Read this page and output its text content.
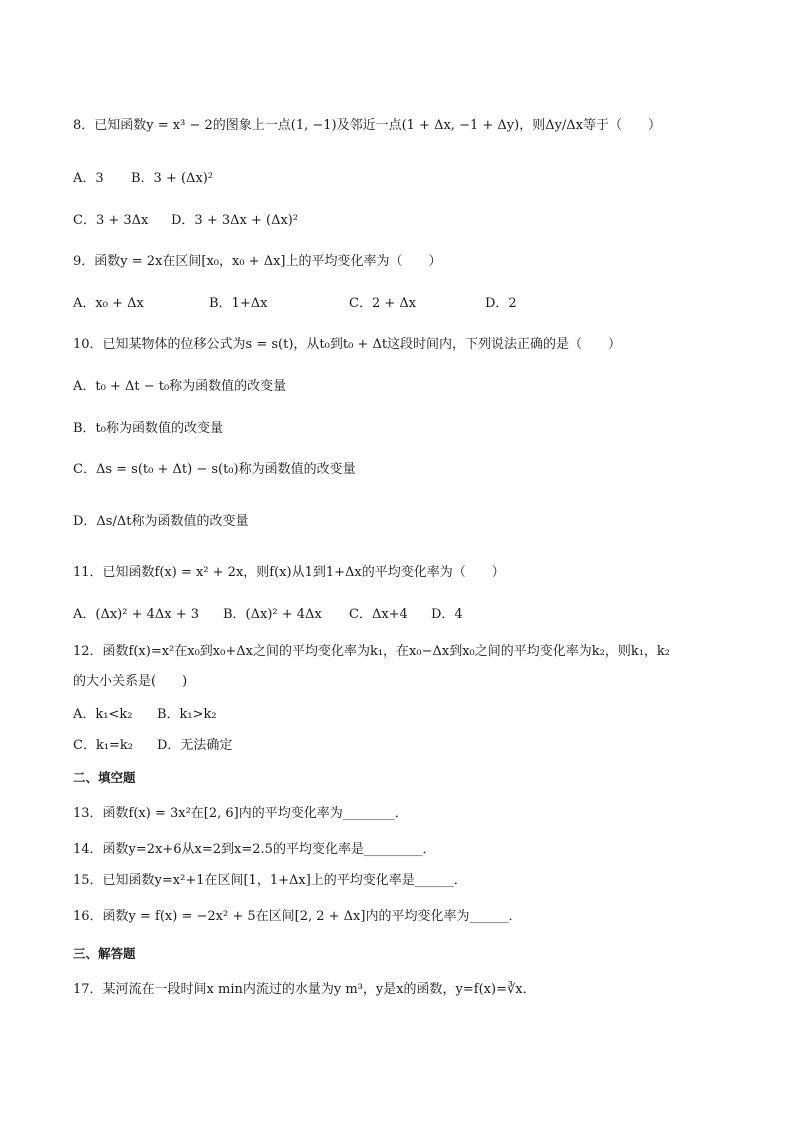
8．已知函数y = x³ − 2的图象上一点(1, −1)及邻近一点(1 + Δx, −1 + Δy)，则Δy/Δx等于（　　）
A．3 B．3 + (Δx)²
C．3 + 3Δx D．3 + 3Δx + (Δx)²
9．函数y = 2x在区间[x₀，x₀ + Δx]上的平均变化率为（　　）
A．x₀ + Δx	B．1+Δx	C．2 + Δx	D．2
10．已知某物体的位移公式为s = s(t)，从t₀到t₀ + Δt这段时间内，下列说法正确的是（　　）
A．t₀ + Δt − t₀称为函数值的改变量
B．t₀称为函数值的改变量
C．Δs = s(t₀ + Δt) − s(t₀)称为函数值的改变量
D．Δs/Δt称为函数值的改变量
11．已知函数f(x) = x² + 2x，则f(x)从1到1+Δx的平均变化率为（　　）
A．(Δx)² + 4Δx + 3 B．(Δx)² + 4Δx C．Δx+4 D．4
12．函数f(x)=x²在x₀到x₀+Δx之间的平均变化率为k₁，在x₀−Δx到x₀之间的平均变化率为k₂，则k₁，k₂
的大小关系是(　　)
A．k₁<k₂ B．k₁>k₂
C．k₁=k₂ D．无法确定
二、填空题
13．函数f(x) = 3x²在[2, 6]内的平均变化率为________．
14．函数y=2x+6从x=2到x=2.5的平均变化率是_________．
15．已知函数y=x²+1在区间[1，1+Δx]上的平均变化率是______．
16．函数y = f(x) = −2x² + 5在区间[2, 2 + Δx]内的平均变化率为______．
三、解答题
17．某河流在一段时间x min内流过的水量为y m³，y是x的函数，y=f(x)=∛x．
